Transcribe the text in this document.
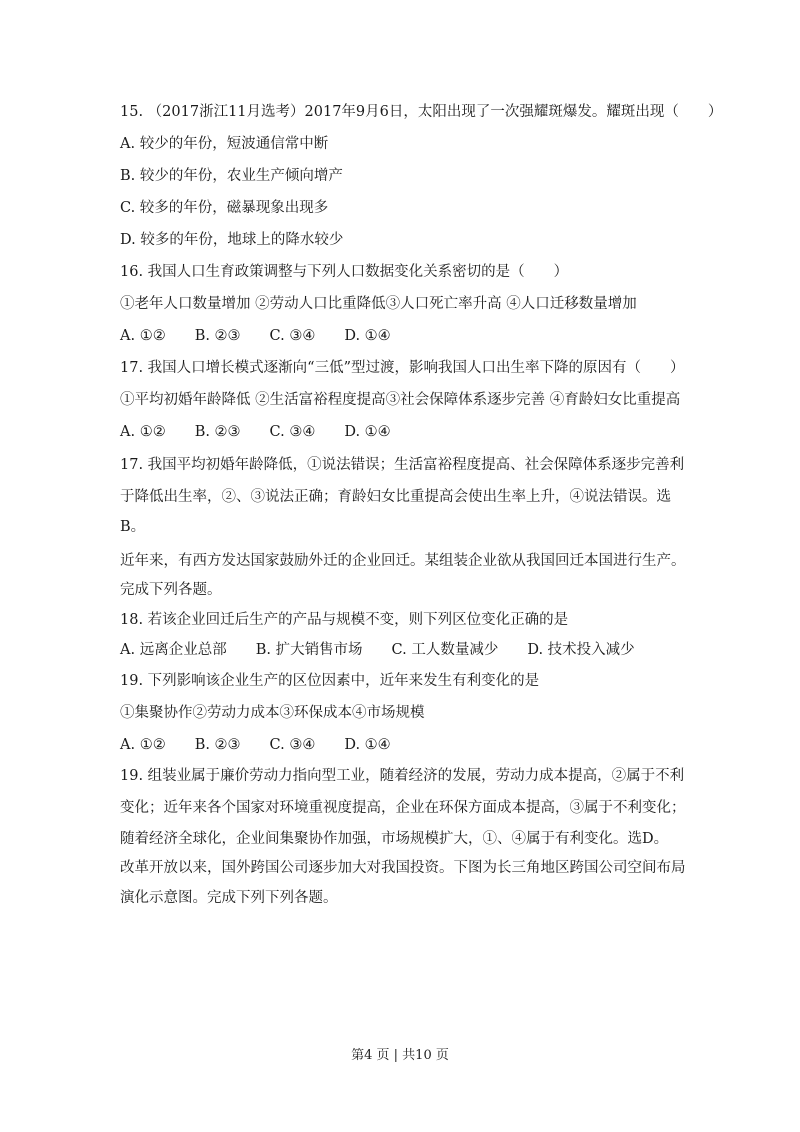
15. （2017浙江11月选考）2017年9月6日，太阳出现了一次强耀斑爆发。耀斑出现（　　）
A. 较少的年份，短波通信常中断
B. 较少的年份，农业生产倾向增产
C. 较多的年份，磁暴现象出现多
D. 较多的年份，地球上的降水较少
16. 我国人口生育政策调整与下列人口数据变化关系密切的是（　　）
①老年人口数量增加 ②劳动人口比重降低③人口死亡率升高 ④人口迁移数量增加
A. ①②　　B. ②③　　C. ③④　　D. ①④
17. 我国人口增长模式逐渐向“三低”型过渡，影响我国人口出生率下降的原因有（　　）
①平均初婚年龄降低 ②生活富裕程度提高③社会保障体系逐步完善 ④育龄妇女比重提高
A. ①②　　B. ②③　　C. ③④　　D. ①④
17. 我国平均初婚年龄降低，①说法错误；生活富裕程度提高、社会保障体系逐步完善利
于降低出生率，②、③说法正确；育龄妇女比重提高会使出生率上升，④说法错误。选
B。
近年来，有西方发达国家鼓励外迁的企业回迁。某组装企业欲从我国回迁本国进行生产。
完成下列各题。
18. 若该企业回迁后生产的产品与规模不变，则下列区位变化正确的是
A. 远离企业总部　　B. 扩大销售市场　　C. 工人数量减少　　D. 技术投入减少
19. 下列影响该企业生产的区位因素中，近年来发生有利变化的是
①集聚协作②劳动力成本③环保成本④市场规模
A. ①②　　B. ②③　　C. ③④　　D. ①④
19. 组装业属于廉价劳动力指向型工业，随着经济的发展，劳动力成本提高，②属于不利
变化；近年来各个国家对环境重视度提高，企业在环保方面成本提高，③属于不利变化；
随着经济全球化，企业间集聚协作加强，市场规模扩大，①、④属于有利变化。选D。
改革开放以来，国外跨国公司逐步加大对我国投资。下图为长三角地区跨国公司空间布局
演化示意图。完成下列下列各题。
第4 页 | 共10 页
